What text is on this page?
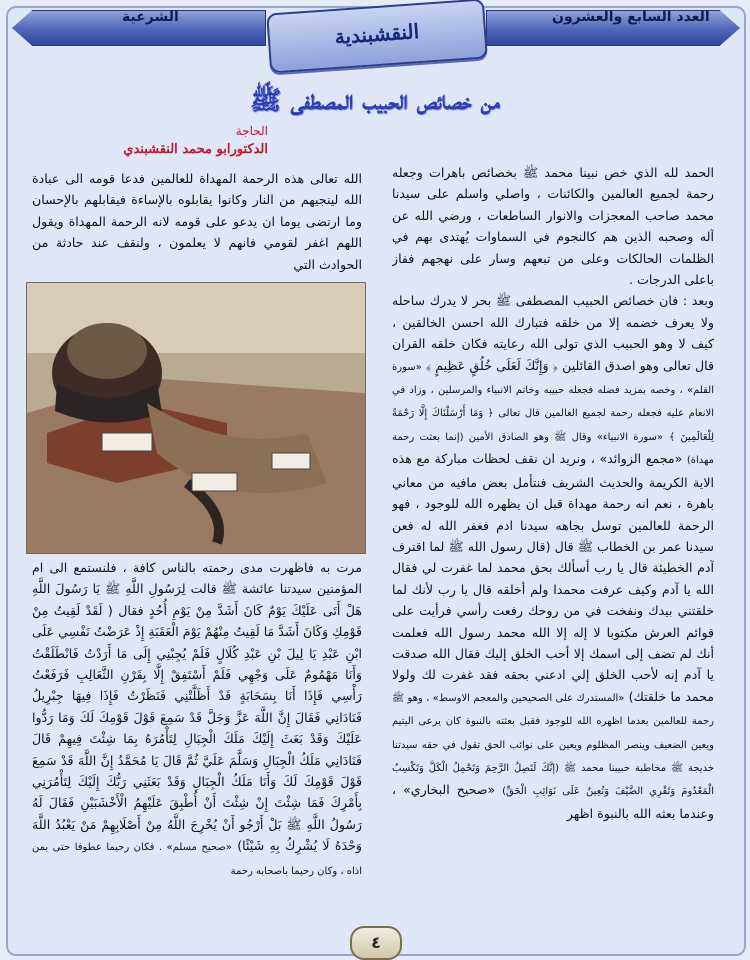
الشرعية	العدد السابع والعشرون
النقشبندية
من خصائص الحبيب المصطفى ﷺ
الحاجة
الدكتورابو محمد النقشبندي

الحمد لله الذي خص نبينا محمد ﷺ بخصائص باهرات وجعله رحمة لجميع العالمين والكائنات ، واصلي واسلم على سيدنا محمد صاحب المعجزات والانوار الساطعات ، ورضي الله عن آله وصحبه الذين هم كالنجوم في السماوات يُهتدى بهم في الظلمات الحالكات وعلى من تبعهم وسار على نهجهم ففاز باعلى الدرجات .

وبعد : فان خصائص الحبيب المصطفى ﷺ بحر لا يدرك ساحله ولا يعرف خضمه إلا من خلقه فتبارك الله احسن الخالقين ، كيف لا وهو الحبيب الذي تولى الله رعايته فكان خلقه القران قال تعالى وهو اصدق القائلين ﴿ وَإِنَّكَ لَعَلَى خُلُقٍ عَظِيمٍ ﴾ «سورة القلم» ، وخصه بمزيد فضله فجعله حبيبه وخاتم الانبياء والمرسلين ، وزاد في الانعام عليه فجعله رحمة لجميع العالمين قال تعالى ﴿ وَمَا أَرْسَلْنَاكَ إِلَّا رَحْمَةً لِلْعَالَمِينَ ﴾ «سورة الانبياء» وقال ﷺ وهو الصادق الأمين (إنما بعثت رحمة مهداة) «مجمع الزوائد» ، ونريد ان نقف لحظات مباركة مع هذه الاية الكريمة والحديث الشريف فنتأمل بعض مافيه من معاني باهرة ، نعم انه رحمة مهداة قبل ان يظهره الله للوجود ، فهو الرحمة للعالمين توسل بجاهه سيدنا ادم فغفر الله له فعن سيدنا عمر بن الخطاب ﷺ قال (قال رسول الله ﷺ لما اقترف آدم الخطيئة قال يا رب أسألك بحق محمد لما غفرت لي فقال الله يا آدم وكيف عرفت محمدا ولم أخلقه قال يا رب لأنك لما خلقتني بيدك ونفخت في من روحك رفعت رأسي فرأيت على قوائم العرش مكتوبا لا إله إلا الله محمد رسول الله فعلمت أنك لم تضف إلى اسمك إلا أحب الخلق إليك فقال الله صدقت يا آدم إنه لأحب الخلق إلي ادعني بحقه فقد غفرت لك ولولا محمد ما خلقتك) «المستدرك على الصحيحين والمعجم الاوسط» ، وهو ﷺ رحمة للعالمين بعدما اظهره الله للوجود فقبل بعثته بالنبوة كان يرعى اليتيم ويعين الضعيف وينصر المظلوم ويعين على نوائب الحق تقول في حقه سيدتنا خديجة ﷺ مخاطبة حبيبنا محمد ﷺ (إنَّكَ لَتَصِلُ الرَّحِمَ وَتَحْمِلُ الْكَلَّ وَتَكْسِبُ الْمَعْدُومَ وَتَقْرِي الضَّيْفَ وَتُعِينُ عَلَى نَوَائِبِ الْحَقِّ) «صحيح البخاري» ، وعندما بعثه الله بالنبوة اظهر

الله تعالى هذه الرحمة المهداة للعالمين فدعا قومه الى عبادة الله لينجيهم من النار وكانوا يقابلوه بالإساءة فيقابلهم بالإحسان وما ارتضى يوما ان يدعو على قومه لانه الرحمة المهداة ويقول اللهم اغفر لقومي فانهم لا يعلمون ، ولنقف عند حادثة من الحوادث التي

مرت به فاظهرت مدى رحمته بالناس كافة ، فلنستمع الى ام المؤمنين سيدتنا عائشة ﷺ قالت لِرَسُولِ اللَّهِ ﷺ يَا رَسُولَ اللَّهِ هَلْ أَتَى عَلَيْكَ يَوْمٌ كَانَ أَشَدَّ مِنْ يَوْمِ أُحُدٍ فقال ( لَقَدْ لَقِيتُ مِنْ قَوْمِكِ وَكَانَ أَشَدَّ مَا لَقِيتُ مِنْهُمْ يَوْمَ الْعَقَبَةِ إِذْ عَرَضْتُ نَفْسِي عَلَى ابْنِ عَبْدِ يَا لِيلَ بْنِ عَبْدِ كُلَالٍ فَلَمْ يُجِبْنِي إِلَى مَا أَرَدْتُ فَانْطَلَقْتُ وَأَنَا مَهْمُومٌ عَلَى وَجْهِي فَلَمْ أَسْتَفِقْ إِلَّا بِقَرْنِ الثَّعَالِبِ فَرَفَعْتُ رَأْسِي فَإِذَا أَنَا بِسَحَابَةٍ قَدْ أَظَلَّتْنِي فَنَظَرْتُ فَإِذَا فِيهَا جِبْرِيلُ فَنَادَانِي فَقَالَ إِنَّ اللَّهَ عَزَّ وَجَلَّ قَدْ سَمِعَ قَوْلَ قَوْمِكَ لَكَ وَمَا رَدُّوا عَلَيْكَ وَقَدْ بَعَثَ إِلَيْكَ مَلَكَ الْجِبَالِ لِتَأْمُرَهُ بِمَا شِئْتَ فِيهِمْ قَالَ فَنَادَانِي مَلَكُ الْجِبَالِ وَسَلَّمَ عَلَيَّ ثُمَّ قَالَ يَا مُحَمَّدُ إِنَّ اللَّهَ قَدْ سَمِعَ قَوْلَ قَوْمِكَ لَكَ وَأَنَا مَلَكُ الْجِبَالِ وَقَدْ بَعَثَنِي رَبُّكَ إِلَيْكَ لِتَأْمُرَنِي بِأَمْرِكَ فَمَا شِئْتَ إِنْ شِئْتَ أَنْ أُطْبِقَ عَلَيْهِمُ الْأَخْشَبَيْنِ فَقَالَ لَهُ رَسُولُ اللَّهِ ﷺ بَلْ أَرْجُو أَنْ يُخْرِجَ اللَّهُ مِنْ أَصْلَابِهِمْ مَنْ يَعْبُدُ اللَّهَ وَحْدَهُ لَا يُشْرِكُ بِهِ شَيْئًا) «صحيح مسلم» . فكان رحيما عطوفا حتى بمن اذاه ، وكان رحيما باصحابه رحمة

٤
